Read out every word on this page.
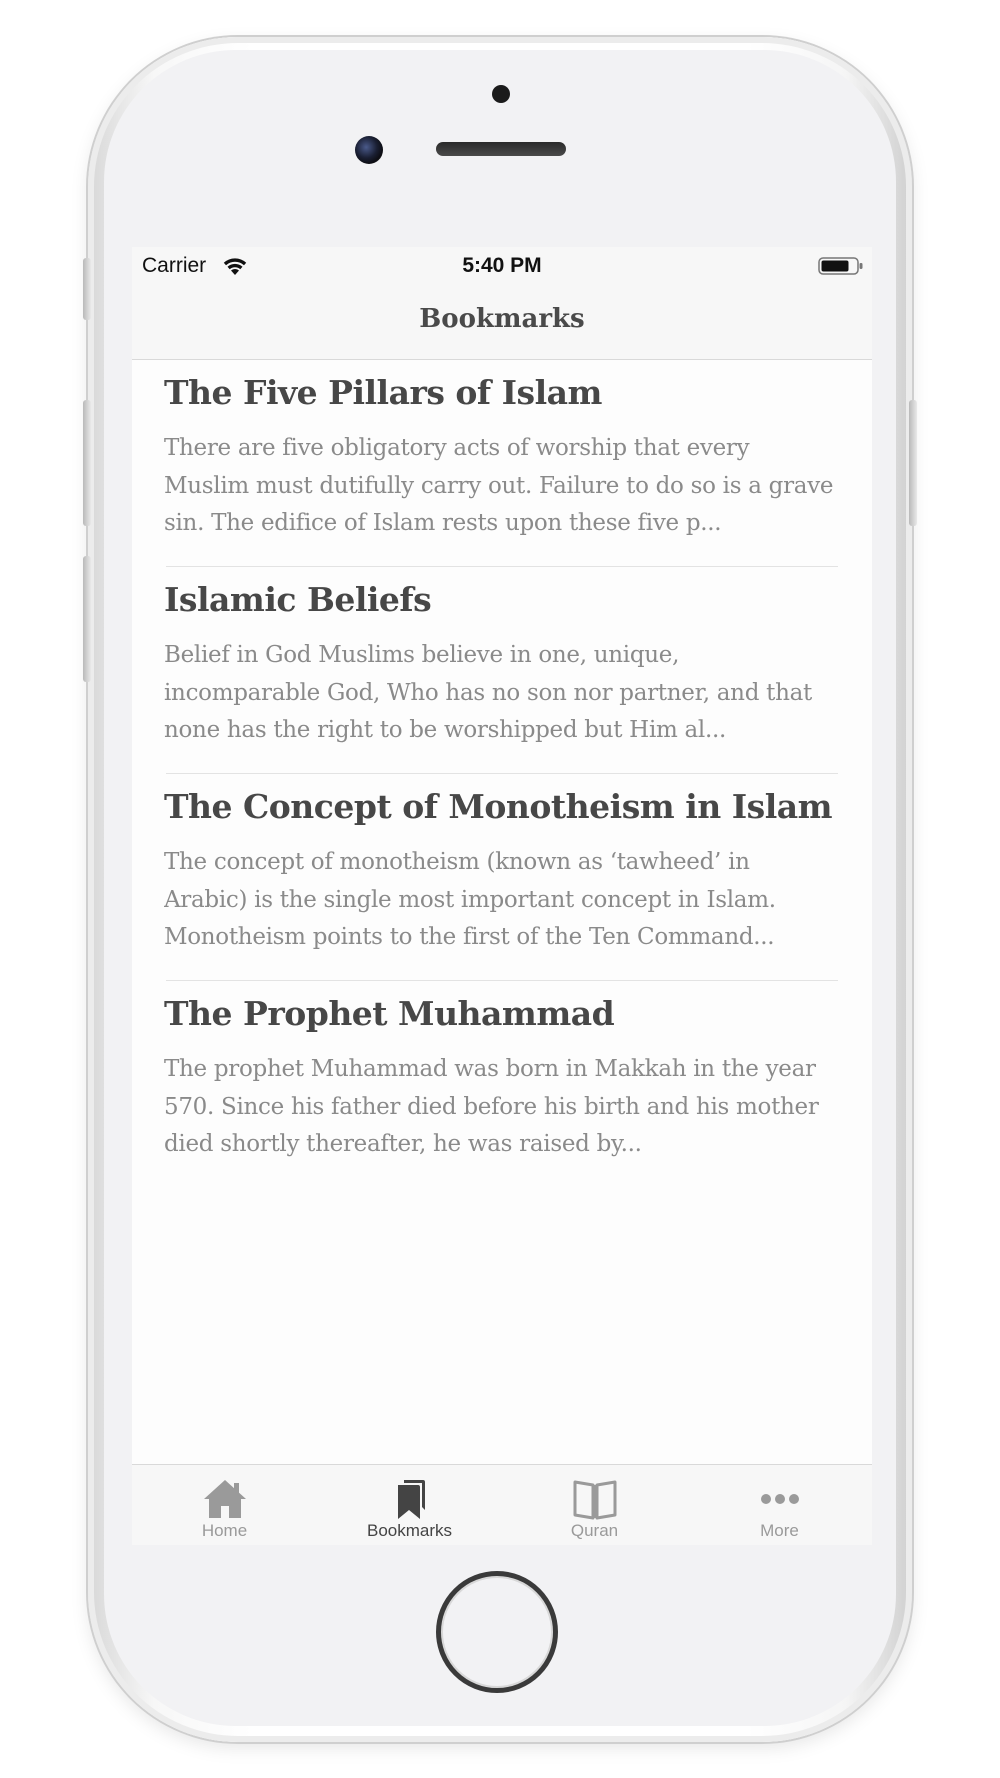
Carrier	5:40 PM
Bookmarks
The Five Pillars of Islam
There are five obligatory acts of worship that every Muslim must dutifully carry out. Failure to do so is a grave sin. The edifice of Islam rests upon these five p...
Islamic Beliefs
Belief in God Muslims believe in one, unique, incomparable God, Who has no son nor partner, and that none has the right to be worshipped but Him al...
The Concept of Monotheism in Islam
The concept of monotheism (known as ‘tawheed’ in Arabic) is the single most important concept in Islam. Monotheism points to the first of the Ten Command...
The Prophet Muhammad
The prophet Muhammad was born in Makkah in the year 570. Since his father died before his birth and his mother died shortly thereafter, he was raised by...
Home	Bookmarks	Quran	More
